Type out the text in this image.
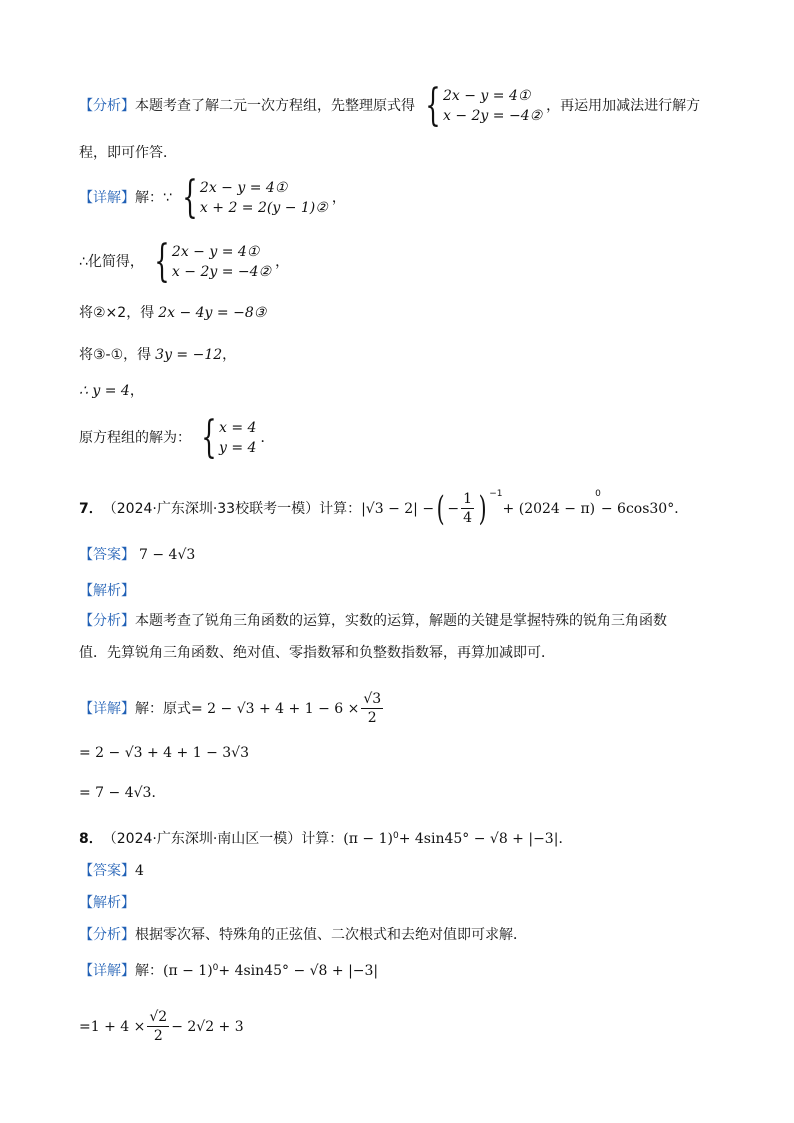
【分析】 本题考查了解二元一次方程组，先整理原式得 { 2x − y = 4①
x − 2y = −4②
，再运用加减法进行解方
程，即可作答．
【详解】 解：∵ { 2x − y = 4①
x + 2 = 2(y − 1)②
，
∴化简得， { 2x − y = 4①
x − 2y = −4②
，
将②×2，得 2x − 4y = −8③
将③-①，得 3y = −12 ，
∴ y = 4 ，
原方程组的解为： { x = 4
y = 4
．
7． （2024·广东深圳·33校联考一模）计算： |√3 − 2| − ( − $\frac{1}{4}$ ) $^{-1}$
+ (2024 − π)
0
− 6cos30° ．
【答案】 7 − 4√3
【解析】
【分析】 本题考查了锐角三角函数的运算，实数的运算，解题的关键是掌握特殊的锐角三角函数
值．先算锐角三角函数、绝对值、零指数幂和负整数指数幂，再算加减即可．
【详解】 解：原式 = $2 - √3 + 4 + 1 - 6 \times \frac{√3}{2}$
= 2 − √3 + 4 + 1 − 3√3
= 7 − 4√3 ．
8． （2024·广东深圳·南山区一模）计算： (π − 1) 0 + 4sin45° − √8 + |−3| ．
【答案】 4
【解析】
【分析】 根据零次幂、特殊角的正弦值、二次根式和去绝对值即可求解．
【详解】 解： (π − 1) 0 + 4sin45° − √8 + |−3|
$=1 + 4 \times \frac{√2}{2} - 2√2 + 3$
